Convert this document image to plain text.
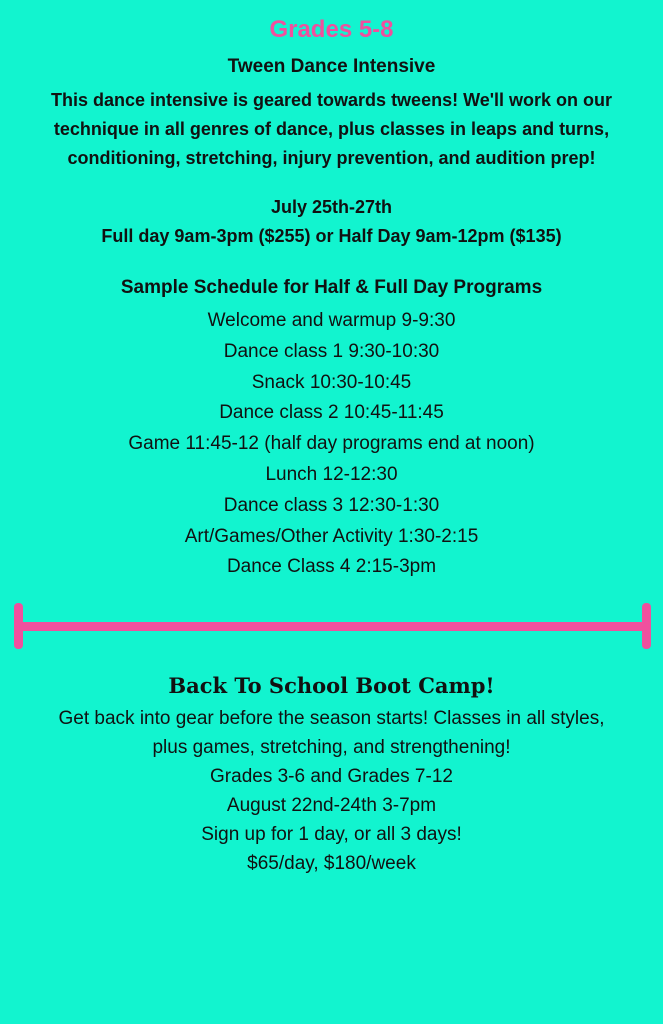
Grades 5-8
Tween Dance Intensive
This dance intensive is geared towards tweens! We'll work on our technique in all genres of dance, plus classes in leaps and turns, conditioning, stretching, injury prevention, and audition prep!
July 25th-27th
Full day 9am-3pm ($255) or Half Day 9am-12pm ($135)
Sample Schedule for Half & Full Day Programs
Welcome and warmup 9-9:30
Dance class 1 9:30-10:30
Snack 10:30-10:45
Dance class 2 10:45-11:45
Game 11:45-12 (half day programs end at noon)
Lunch 12-12:30
Dance class 3 12:30-1:30
Art/Games/Other Activity 1:30-2:15
Dance Class 4 2:15-3pm
Back To School Boot Camp!
Get back into gear before the season starts! Classes in all styles,
plus games, stretching, and strengthening!
Grades 3-6 and Grades 7-12
August 22nd-24th 3-7pm
Sign up for 1 day, or all 3 days!
$65/day, $180/week
